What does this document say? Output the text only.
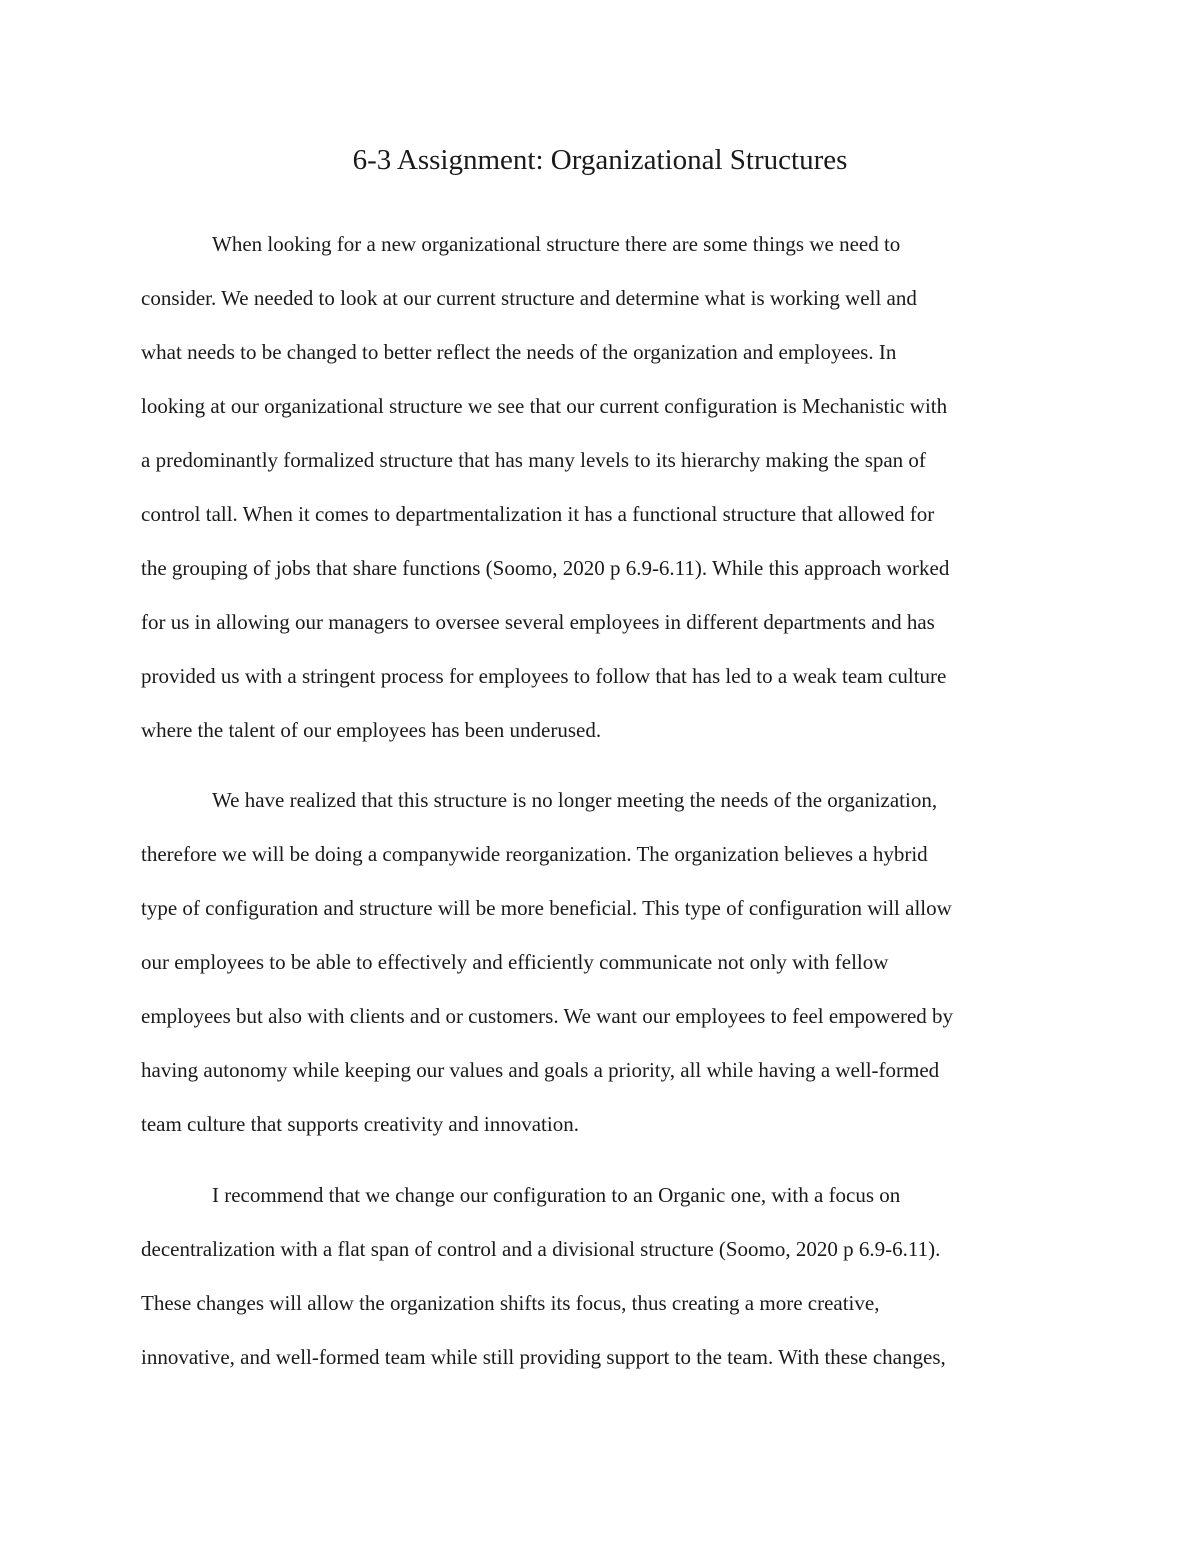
6-3 Assignment: Organizational Structures

When looking for a new organizational structure there are some things we need to

consider. We needed to look at our current structure and determine what is working well and

what needs to be changed to better reflect the needs of the organization and employees. In

looking at our organizational structure we see that our current configuration is Mechanistic with

a predominantly formalized structure that has many levels to its hierarchy making the span of

control tall. When it comes to departmentalization it has a functional structure that allowed for

the grouping of jobs that share functions (Soomo, 2020 p 6.9-6.11). While this approach worked

for us in allowing our managers to oversee several employees in different departments and has

provided us with a stringent process for employees to follow that has led to a weak team culture

where the talent of our employees has been underused.

We have realized that this structure is no longer meeting the needs of the organization,

therefore we will be doing a companywide reorganization. The organization believes a hybrid

type of configuration and structure will be more beneficial. This type of configuration will allow

our employees to be able to effectively and efficiently communicate not only with fellow

employees but also with clients and or customers. We want our employees to feel empowered by

having autonomy while keeping our values and goals a priority, all while having a well-formed

team culture that supports creativity and innovation.

I recommend that we change our configuration to an Organic one, with a focus on

decentralization with a flat span of control and a divisional structure (Soomo, 2020 p 6.9-6.11).

These changes will allow the organization shifts its focus, thus creating a more creative,

innovative, and well-formed team while still providing support to the team. With these changes,
